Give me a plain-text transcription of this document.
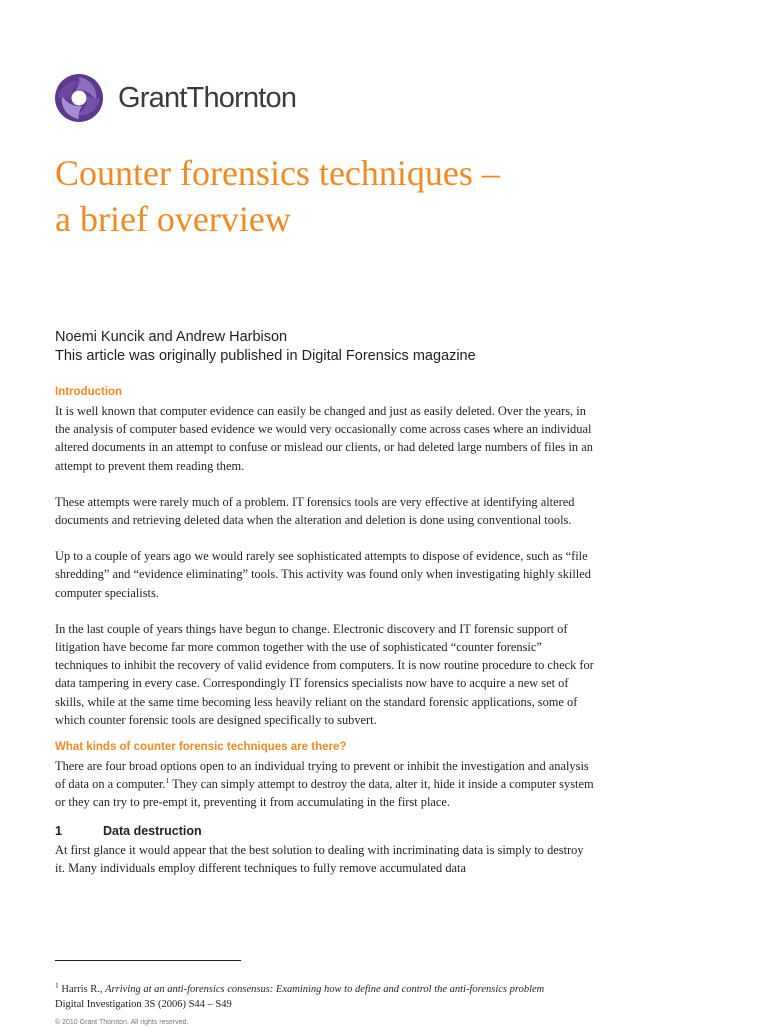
GrantThornton
Counter forensics techniques –
a brief overview
Noemi Kuncik and Andrew Harbison
This article was originally published in Digital Forensics magazine
Introduction

It is well known that computer evidence can easily be changed and just as easily deleted. Over the years, in the analysis of computer based evidence we would very occasionally come across cases where an individual altered documents in an attempt to confuse or mislead our clients, or had deleted large numbers of files in an attempt to prevent them reading them.

These attempts were rarely much of a problem. IT forensics tools are very effective at identifying altered documents and retrieving deleted data when the alteration and deletion is done using conventional tools.

Up to a couple of years ago we would rarely see sophisticated attempts to dispose of evidence, such as “file shredding” and “evidence eliminating” tools. This activity was found only when investigating highly skilled computer specialists.

In the last couple of years things have begun to change. Electronic discovery and IT forensic support of litigation have become far more common together with the use of sophisticated “counter forensic” techniques to inhibit the recovery of valid evidence from computers. It is now routine procedure to check for data tampering in every case. Correspondingly IT forensics specialists now have to acquire a new set of skills, while at the same time becoming less heavily reliant on the standard forensic applications, some of which counter forensic tools are designed specifically to subvert.

What kinds of counter forensic techniques are there?

There are four broad options open to an individual trying to prevent or inhibit the investigation and analysis of data on a computer.$^1$ They can simply attempt to destroy the data, alter it, hide it inside a computer system or they can try to pre-empt it, preventing it from accumulating in the first place.

1	Data destruction

At first glance it would appear that the best solution to dealing with incriminating data is simply to destroy it. Many individuals employ different techniques to fully remove accumulated data

$^1$ Harris R., Arriving at an anti-forensics consensus: Examining how to define and control the anti-forensics problem
Digital Investigation 3S (2006) S44 – S49
© 2010 Grant Thornton. All rights reserved.
